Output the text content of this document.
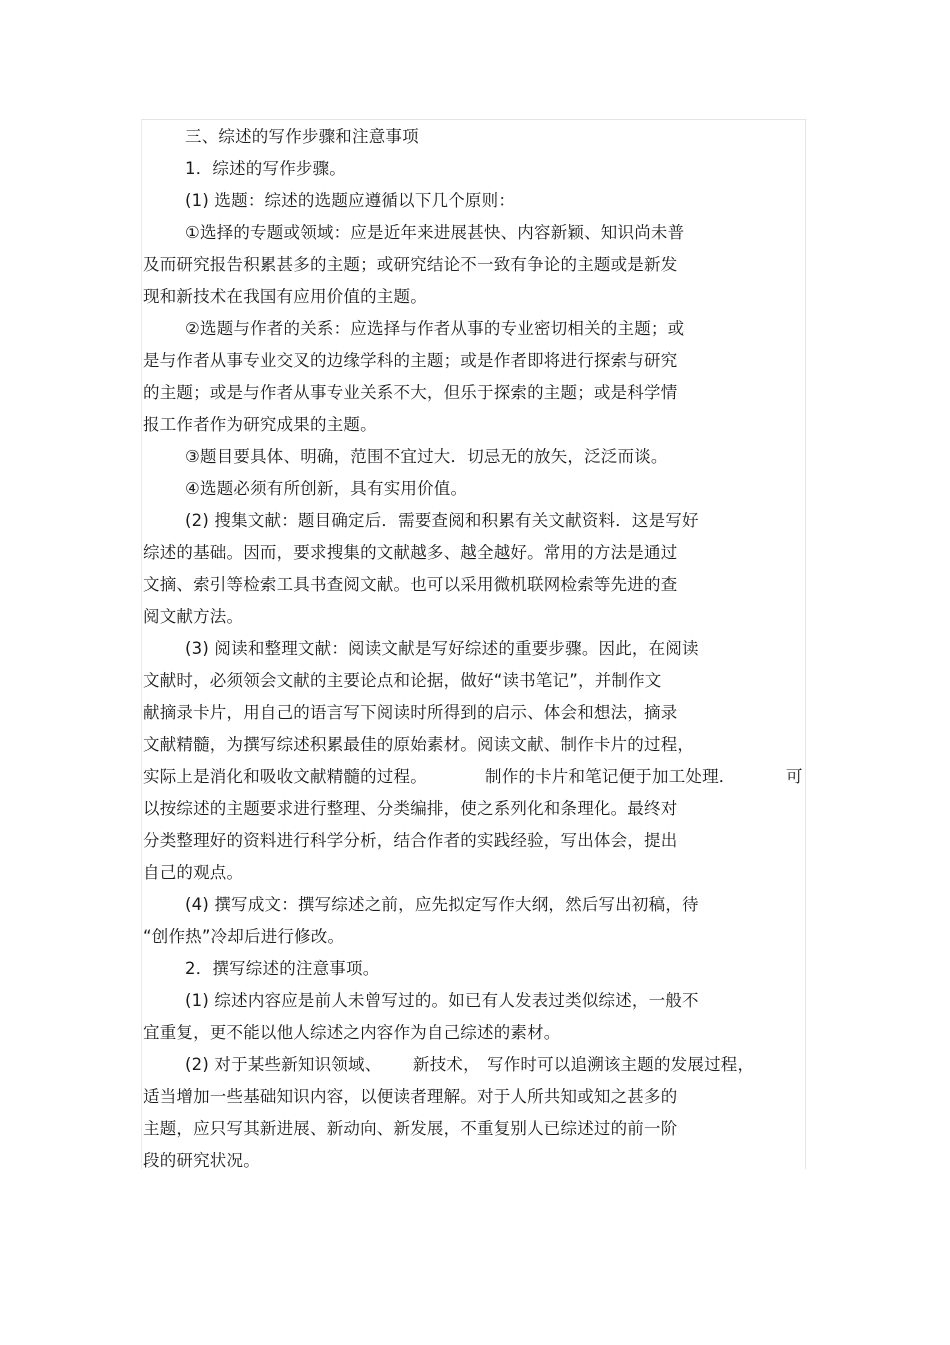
三、综述的写作步骤和注意事项
1．综述的写作步骤。
(1) 选题：综述的选题应遵循以下几个原则：
①选择的专题或领域：应是近年来进展甚快、内容新颖、知识尚未普
及而研究报告积累甚多的主题；或研究结论不一致有争论的主题或是新发
现和新技术在我国有应用价值的主题。
②选题与作者的关系：应选择与作者从事的专业密切相关的主题；或
是与作者从事专业交叉的边缘学科的主题；或是作者即将进行探索与研究
的主题；或是与作者从事专业关系不大，但乐于探索的主题；或是科学情
报工作者作为研究成果的主题。
③题目要具体、明确，范围不宜过大．切忌无的放矢，泛泛而谈。
④选题必须有所创新，具有实用价值。
(2) 搜集文献：题目确定后．需要查阅和积累有关文献资料．这是写好
综述的基础。因而，要求搜集的文献越多、越全越好。常用的方法是通过
文摘、索引等检索工具书查阅文献。也可以采用微机联网检索等先进的查
阅文献方法。
(3) 阅读和整理文献：阅读文献是写好综述的重要步骤。因此，在阅读
文献时，必须领会文献的主要论点和论据，做好“读书笔记”，并制作文
献摘录卡片，用自己的语言写下阅读时所得到的启示、体会和想法，摘录
文献精髓，为撰写综述积累最佳的原始素材。阅读文献、制作卡片的过程，
实际上是消化和吸收文献精髓的过程。	制作的卡片和笔记便于加工处理．	可
以按综述的主题要求进行整理、分类编排，使之系列化和条理化。最终对
分类整理好的资料进行科学分析，结合作者的实践经验，写出体会，提出
自己的观点。
(4) 撰写成文：撰写综述之前，应先拟定写作大纲，然后写出初稿，待
“创作热”冷却后进行修改。
2．撰写综述的注意事项。
(1) 综述内容应是前人未曾写过的。如已有人发表过类似综述，一般不
宜重复，更不能以他人综述之内容作为自己综述的素材。
(2) 对于某些新知识领域、 新技术， 写作时可以追溯该主题的发展过程，
适当增加一些基础知识内容，以便读者理解。对于人所共知或知之甚多的
主题，应只写其新进展、新动向、新发展，不重复别人已综述过的前一阶
段的研究状况。
